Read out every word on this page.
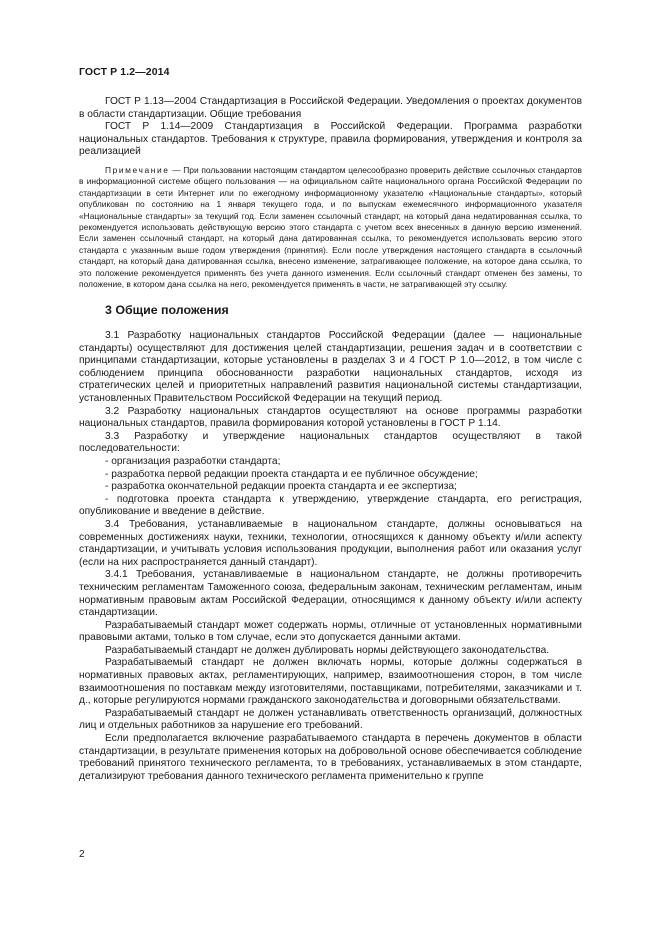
ГОСТ Р 1.2—2014

ГОСТ Р 1.13—2004 Стандартизация в Российской Федерации. Уведомления о проектах документов в области стандартизации. Общие требования

ГОСТ Р 1.14—2009 Стандартизация в Российской Федерации. Программа разработки национальных стандартов. Требования к структуре, правила формирования, утверждения и контроля за реализацией

Примечание — При пользовании настоящим стандартом целесообразно проверить действие ссылочных стандартов в информационной системе общего пользования — на официальном сайте национального органа Российской Федерации по стандартизации в сети Интернет или по ежегодному информационному указателю «Национальные стандарты», который опубликован по состоянию на 1 января текущего года, и по выпускам ежемесячного информационного указателя «Национальные стандарты» за текущий год. Если заменен ссылочный стандарт, на который дана недатированная ссылка, то рекомендуется использовать действующую версию этого стандарта с учетом всех внесенных в данную версию изменений. Если заменен ссылочный стандарт, на который дана датированная ссылка, то рекомендуется использовать версию этого стандарта с указанным выше годом утверждения (принятия). Если после утверждения настоящего стандарта в ссылочный стандарт, на который дана датированная ссылка, внесено изменение, затрагивающее положение, на которое дана ссылка, то это положение рекомендуется применять без учета данного изменения. Если ссылочный стандарт отменен без замены, то положение, в котором дана ссылка на него, рекомендуется применять в части, не затрагивающей эту ссылку.

3 Общие положения

3.1 Разработку национальных стандартов Российской Федерации (далее — национальные стандарты) осуществляют для достижения целей стандартизации, решения задач и в соответствии с принципами стандартизации, которые установлены в разделах 3 и 4 ГОСТ Р 1.0—2012, в том числе с соблюдением принципа обоснованности разработки национальных стандартов, исходя из стратегических целей и приоритетных направлений развития национальной системы стандартизации, установленных Правительством Российской Федерации на текущий период.

3.2 Разработку национальных стандартов осуществляют на основе программы разработки национальных стандартов, правила формирования которой установлены в ГОСТ Р 1.14.

3.3 Разработку и утверждение национальных стандартов осуществляют в такой последовательности:

- организация разработки стандарта;

- разработка первой редакции проекта стандарта и ее публичное обсуждение;

- разработка окончательной редакции проекта стандарта и ее экспертиза;

- подготовка проекта стандарта к утверждению, утверждение стандарта, его регистрация, опубликование и введение в действие.

3.4 Требования, устанавливаемые в национальном стандарте, должны основываться на современных достижениях науки, техники, технологии, относящихся к данному объекту и/или аспекту стандартизации, и учитывать условия использования продукции, выполнения работ или оказания услуг (если на них распространяется данный стандарт).

3.4.1 Требования, устанавливаемые в национальном стандарте, не должны противоречить техническим регламентам Таможенного союза, федеральным законам, техническим регламентам, иным нормативным правовым актам Российской Федерации, относящимся к данному объекту и/или аспекту стандартизации.

Разрабатываемый стандарт может содержать нормы, отличные от установленных нормативными правовыми актами, только в том случае, если это допускается данными актами.

Разрабатываемый стандарт не должен дублировать нормы действующего законодательства.

Разрабатываемый стандарт не должен включать нормы, которые должны содержаться в нормативных правовых актах, регламентирующих, например, взаимоотношения сторон, в том числе взаимоотношения по поставкам между изготовителями, поставщиками, потребителями, заказчиками и т. д., которые регулируются нормами гражданского законодательства и договорными обязательствами.

Разрабатываемый стандарт не должен устанавливать ответственность организаций, должностных лиц и отдельных работников за нарушение его требований.

Если предполагается включение разрабатываемого стандарта в перечень документов в области стандартизации, в результате применения которых на добровольной основе обеспечивается соблюдение требований принятого технического регламента, то в требованиях, устанавливаемых в этом стандарте, детализируют требования данного технического регламента применительно к группе

2
